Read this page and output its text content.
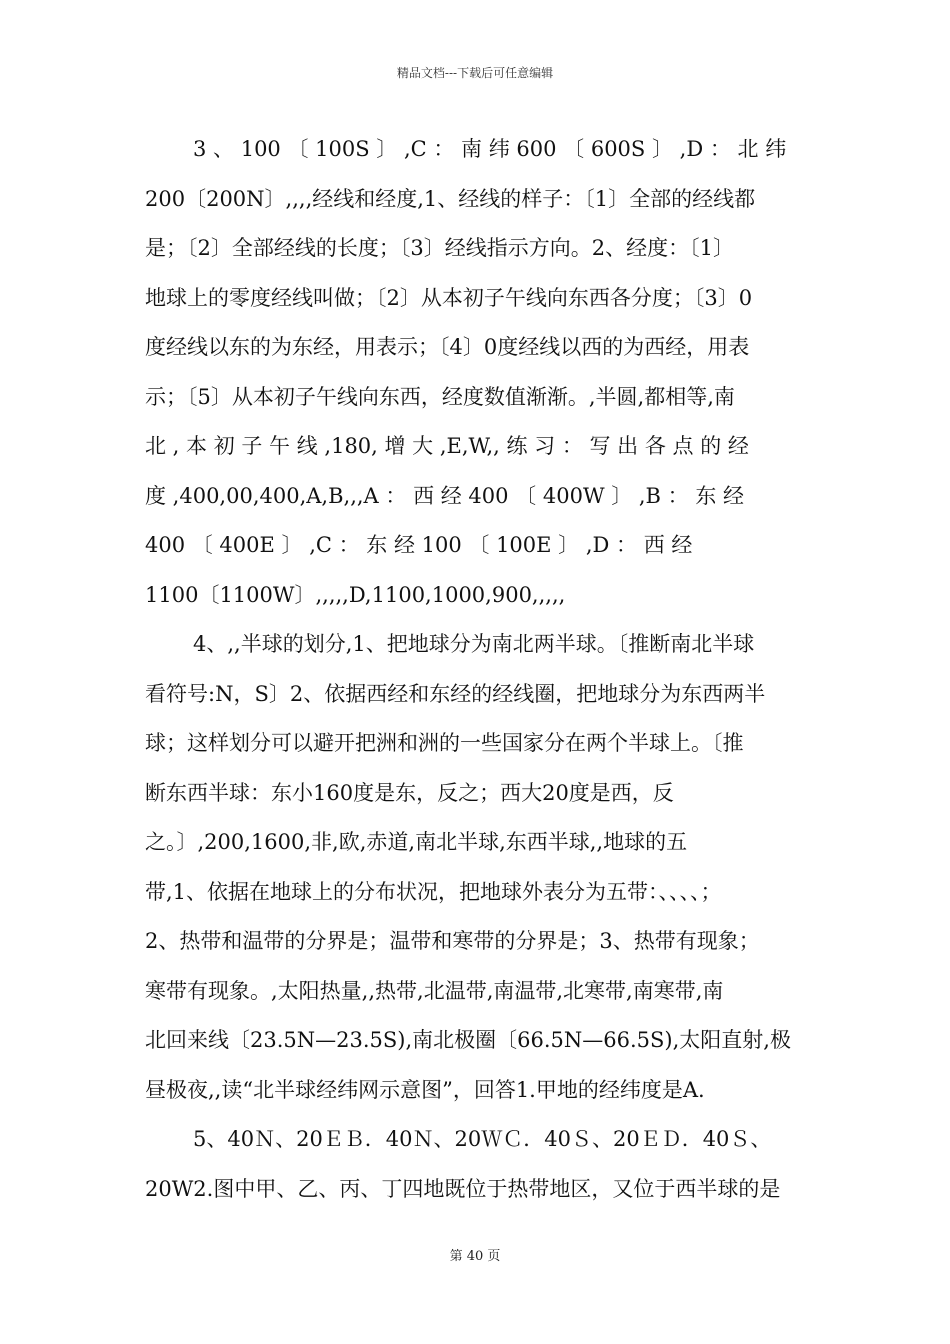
精品文档---下载后可任意编辑
3 、 100 〔 100S 〕 ,C ： 南 纬 600 〔 600S 〕 ,D ： 北 纬
200〔200N〕,,,,经线和经度,1、经线的样子：〔1〕全部的经线都
是；〔2〕全部经线的长度；〔3〕经线指示方向。2、经度：〔1〕
地球上的零度经线叫做；〔2〕从本初子午线向东西各分度；〔3〕0
度经线以东的为东经，用表示；〔4〕0度经线以西的为西经，用表
示；〔5〕从本初子午线向东西，经度数值渐渐。,半圆,都相等,南
北 , 本 初 子 午 线 ,180, 增 大 ,E,W,, 练 习 ： 写 出 各 点 的 经
度 ,400,00,400,A,B,,,A ： 西 经 400 〔 400W 〕 ,B ： 东 经
400 〔 400E 〕 ,C ： 东 经 100 〔 100E 〕 ,D ： 西 经
1100〔1100W〕,,,,,D,1100,1000,900,,,,,
4、,,半球的划分,1、把地球分为南北两半球。〔推断南北半球
看符号:N，S〕2、依据西经和东经的经线圈，把地球分为东西两半
球；这样划分可以避开把洲和洲的一些国家分在两个半球上。〔推
断东西半球：东小160度是东，反之；西大20度是西，反
之。〕,200,1600,非,欧,赤道,南北半球,东西半球,,地球的五
带,1、依据在地球上的分布状况，把地球外表分为五带：、、、、；
2、热带和温带的分界是；温带和寒带的分界是；3、热带有现象；
寒带有现象。,太阳热量,,热带,北温带,南温带,北寒带,南寒带,南
北回来线〔23.5N—23.5S),南北极圈〔66.5N—66.5S),太阳直射,极
昼极夜,,读“北半球经纬网示意图”，回答1.甲地的经纬度是A.
5、40Ｎ、20ＥＢ．40Ｎ、20ＷＣ．40Ｓ、20ＥＤ．40Ｓ、
20W2.图中甲、乙、丙、丁四地既位于热带地区，又位于西半球的是
第 40 页
